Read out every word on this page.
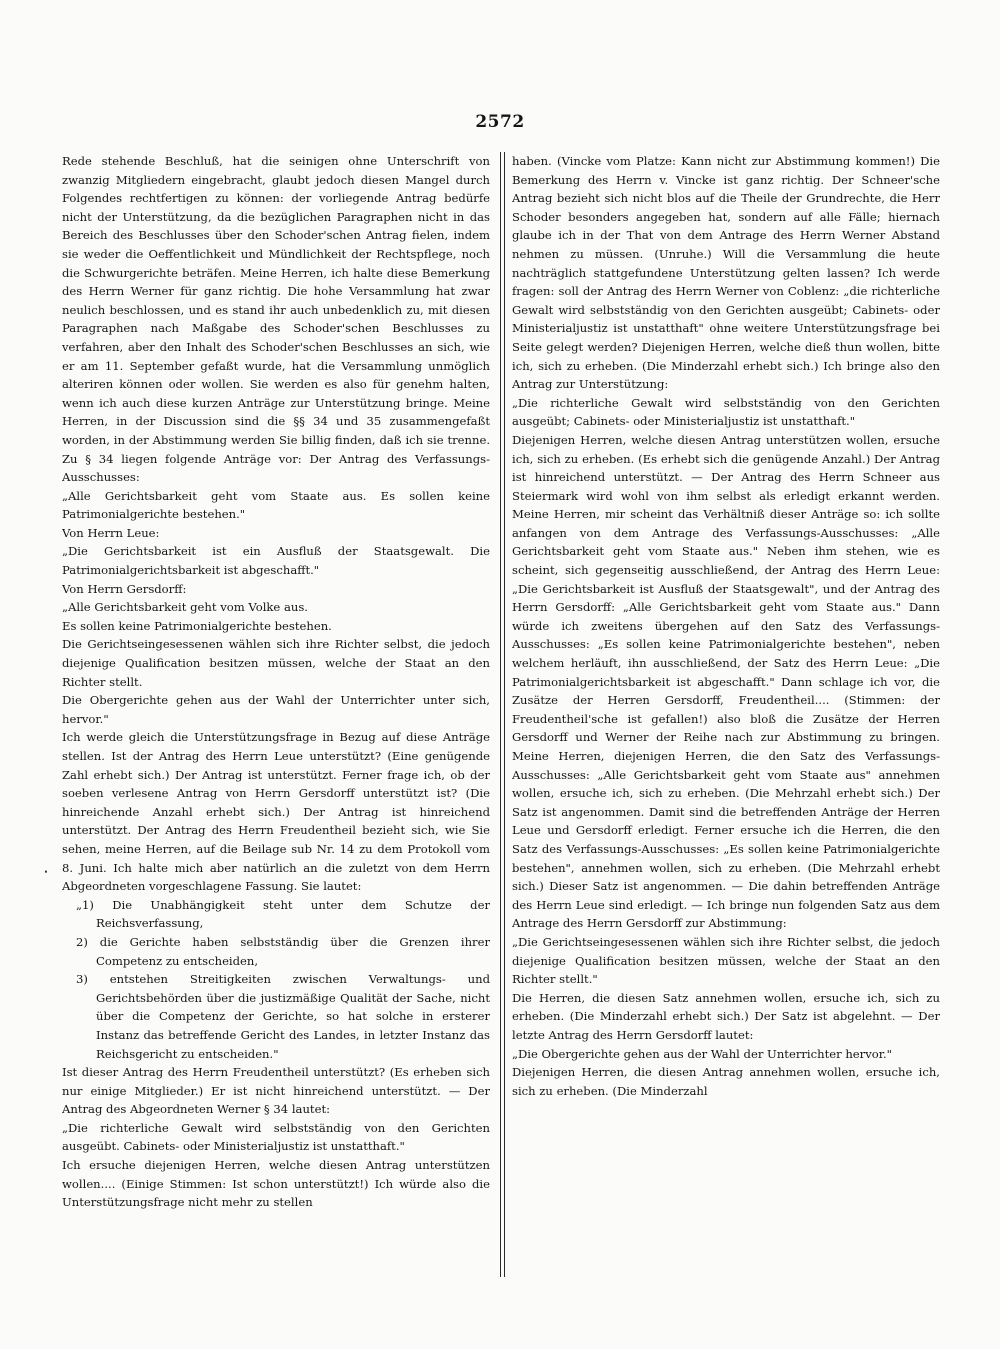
2572
‧

Rede stehende Beschluß, hat die seinigen ohne Unterschrift von zwanzig Mitgliedern eingebracht, glaubt jedoch diesen Mangel durch Folgendes rechtfertigen zu können: der vorliegende Antrag bedürfe nicht der Unterstützung, da die bezüglichen Paragraphen nicht in das Bereich des Beschlusses über den Schoder'schen Antrag fielen, indem sie weder die Oeffentlichkeit und Mündlichkeit der Rechtspflege, noch die Schwurgerichte beträfen. Meine Herren, ich halte diese Bemerkung des Herrn Werner für ganz richtig. Die hohe Versammlung hat zwar neulich beschlossen, und es stand ihr auch unbedenklich zu, mit diesen Paragraphen nach Maßgabe des Schoder'schen Beschlusses zu verfahren, aber den Inhalt des Schoder'schen Beschlusses an sich, wie er am 11. September gefaßt wurde, hat die Versammlung unmöglich alteriren können oder wollen. Sie werden es also für genehm halten, wenn ich auch diese kurzen Anträge zur Unterstützung bringe. Meine Herren, in der Discussion sind die §§ 34 und 35 zusammengefaßt worden, in der Abstimmung werden Sie billig finden, daß ich sie trenne. Zu § 34 liegen folgende Anträge vor: Der Antrag des Verfassungs-Ausschusses:

„Alle Gerichtsbarkeit geht vom Staate aus. Es sollen keine Patrimonialgerichte bestehen."

Von Herrn Leue:

„Die Gerichtsbarkeit ist ein Ausfluß der Staatsgewalt. Die Patrimonialgerichtsbarkeit ist abgeschafft."

Von Herrn Gersdorff:

„Alle Gerichtsbarkeit geht vom Volke aus.

Es sollen keine Patrimonialgerichte bestehen.

Die Gerichtseingesessenen wählen sich ihre Richter selbst, die jedoch diejenige Qualification besitzen müssen, welche der Staat an den Richter stellt.

Die Obergerichte gehen aus der Wahl der Unterrichter unter sich, hervor."

Ich werde gleich die Unterstützungsfrage in Bezug auf diese Anträge stellen. Ist der Antrag des Herrn Leue unterstützt? (Eine genügende Zahl erhebt sich.) Der Antrag ist unterstützt. Ferner frage ich, ob der soeben verlesene Antrag von Herrn Gersdorff unterstützt ist? (Die hinreichende Anzahl erhebt sich.) Der Antrag ist hinreichend unterstützt. Der Antrag des Herrn Freudentheil bezieht sich, wie Sie sehen, meine Herren, auf die Beilage sub Nr. 14 zu dem Protokoll vom 8. Juni. Ich halte mich aber natürlich an die zuletzt von dem Herrn Abgeordneten vorgeschlagene Fassung. Sie lautet:

„1) Die Unabhängigkeit steht unter dem Schutze der Reichsverfassung,
2) die Gerichte haben selbstständig über die Grenzen ihrer Competenz zu entscheiden,
3) entstehen Streitigkeiten zwischen Verwaltungs- und Gerichtsbehörden über die justizmäßige Qualität der Sache, nicht über die Competenz der Gerichte, so hat solche in ersterer Instanz das betreffende Gericht des Landes, in letzter Instanz das Reichsgericht zu entscheiden."

Ist dieser Antrag des Herrn Freudentheil unterstützt? (Es erheben sich nur einige Mitglieder.) Er ist nicht hinreichend unterstützt. — Der Antrag des Abgeordneten Werner § 34 lautet:

„Die richterliche Gewalt wird selbstständig von den Gerichten ausgeübt. Cabinets- oder Ministerialjustiz ist unstatthaft."

Ich ersuche diejenigen Herren, welche diesen Antrag unterstützen wollen.... (Einige Stimmen: Ist schon unterstützt!) Ich würde also die Unterstützungsfrage nicht mehr zu stellen

haben. (Vincke vom Platze: Kann nicht zur Abstimmung kommen!) Die Bemerkung des Herrn v. Vincke ist ganz richtig. Der Schneer'sche Antrag bezieht sich nicht blos auf die Theile der Grundrechte, die Herr Schoder besonders angegeben hat, sondern auf alle Fälle; hiernach glaube ich in der That von dem Antrage des Herrn Werner Abstand nehmen zu müssen. (Unruhe.) Will die Versammlung die heute nachträglich stattgefundene Unterstützung gelten lassen? Ich werde fragen: soll der Antrag des Herrn Werner von Coblenz: „die richterliche Gewalt wird selbstständig von den Gerichten ausgeübt; Cabinets- oder Ministerialjustiz ist unstatthaft" ohne weitere Unterstützungsfrage bei Seite gelegt werden? Diejenigen Herren, welche dieß thun wollen, bitte ich, sich zu erheben. (Die Minderzahl erhebt sich.) Ich bringe also den Antrag zur Unterstützung:

„Die richterliche Gewalt wird selbstständig von den Gerichten ausgeübt; Cabinets- oder Ministerialjustiz ist unstatthaft."

Diejenigen Herren, welche diesen Antrag unterstützen wollen, ersuche ich, sich zu erheben. (Es erhebt sich die genügende Anzahl.) Der Antrag ist hinreichend unterstützt. — Der Antrag des Herrn Schneer aus Steiermark wird wohl von ihm selbst als erledigt erkannt werden. Meine Herren, mir scheint das Verhältniß dieser Anträge so: ich sollte anfangen von dem Antrage des Verfassungs-Ausschusses: „Alle Gerichtsbarkeit geht vom Staate aus." Neben ihm stehen, wie es scheint, sich gegenseitig ausschließend, der Antrag des Herrn Leue: „Die Gerichtsbarkeit ist Ausfluß der Staatsgewalt", und der Antrag des Herrn Gersdorff: „Alle Gerichtsbarkeit geht vom Staate aus." Dann würde ich zweitens übergehen auf den Satz des Verfassungs-Ausschusses: „Es sollen keine Patrimonialgerichte bestehen", neben welchem herläuft, ihn ausschließend, der Satz des Herrn Leue: „Die Patrimonialgerichtsbarkeit ist abgeschafft." Dann schlage ich vor, die Zusätze der Herren Gersdorff, Freudentheil.... (Stimmen: der Freudentheil'sche ist gefallen!) also bloß die Zusätze der Herren Gersdorff und Werner der Reihe nach zur Abstimmung zu bringen. Meine Herren, diejenigen Herren, die den Satz des Verfassungs-Ausschusses: „Alle Gerichtsbarkeit geht vom Staate aus" annehmen wollen, ersuche ich, sich zu erheben. (Die Mehrzahl erhebt sich.) Der Satz ist angenommen. Damit sind die betreffenden Anträge der Herren Leue und Gersdorff erledigt. Ferner ersuche ich die Herren, die den Satz des Verfassungs-Ausschusses: „Es sollen keine Patrimonialgerichte bestehen", annehmen wollen, sich zu erheben. (Die Mehrzahl erhebt sich.) Dieser Satz ist angenommen. — Die dahin betreffenden Anträge des Herrn Leue sind erledigt. — Ich bringe nun folgenden Satz aus dem Antrage des Herrn Gersdorff zur Abstimmung:

„Die Gerichtseingesessenen wählen sich ihre Richter selbst, die jedoch diejenige Qualification besitzen müssen, welche der Staat an den Richter stellt."

Die Herren, die diesen Satz annehmen wollen, ersuche ich, sich zu erheben. (Die Minderzahl erhebt sich.) Der Satz ist abgelehnt. — Der letzte Antrag des Herrn Gersdorff lautet:

„Die Obergerichte gehen aus der Wahl der Unterrichter hervor."

Diejenigen Herren, die diesen Antrag annehmen wollen, ersuche ich, sich zu erheben. (Die Minderzahl
